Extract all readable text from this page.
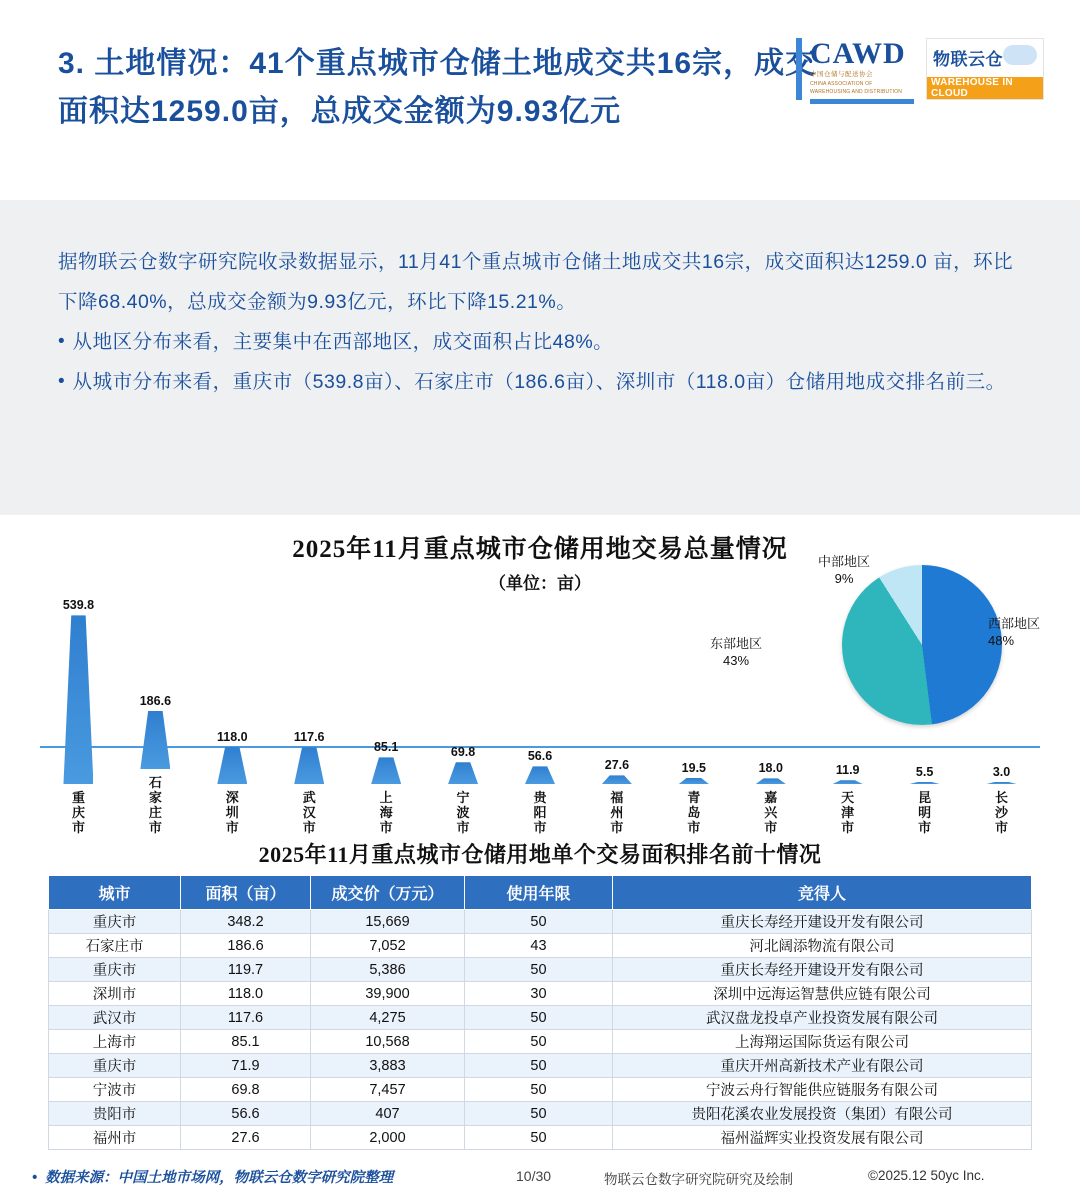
3. 土地情况：41个重点城市仓储土地成交共16宗，成交面积达1259.0亩，总成交金额为9.93亿元
CAWD
中国仓储与配送协会
CHINA ASSOCIATION OF WAREHOUSING AND DISTRIBUTION
物联云仓
WAREHOUSE IN CLOUD

据物联云仓数字研究院收录数据显示，11月41个重点城市仓储土地成交共16宗，成交面积达1259.0 亩，环比下降68.40%，总成交金额为9.93亿元，环比下降15.21%。

• 从地区分布来看，主要集中在西部地区，成交面积占比48%。

• 从城市分布来看，重庆市（539.8亩）、石家庄市（186.6亩）、深圳市（118.0亩）仓储用地成交排名前三。

2025年11月重点城市仓储用地交易总量情况
（单位：亩）
539.8
重
庆
市
186.6
石
家
庄
市
118.0
深
圳
市
117.6
武
汉
市
85.1
上
海
市
69.8
宁
波
市
56.6
贵
阳
市
27.6
福
州
市
19.5
青
岛
市
18.0
嘉
兴
市
11.9
天
津
市
5.5
昆
明
市
3.0
长
沙
市
西部地区
48%
东部地区
43%
中部地区
9%
2025年11月重点城市仓储用地单个交易面积排名前十情况
城市	面积（亩）	成交价（万元）	使用年限	竞得人
重庆市	348.2	15,669	50	重庆长寿经开建设开发有限公司
石家庄市	186.6	7,052	43	河北阔添物流有限公司
重庆市	119.7	5,386	50	重庆长寿经开建设开发有限公司
深圳市	118.0	39,900	30	深圳中远海运智慧供应链有限公司
武汉市	117.6	4,275	50	武汉盘龙投卓产业投资发展有限公司
上海市	85.1	10,568	50	上海翔运国际货运有限公司
重庆市	71.9	3,883	50	重庆开州高新技术产业有限公司
宁波市	69.8	7,457	50	宁波云舟行智能供应链服务有限公司
贵阳市	56.6	407	50	贵阳花溪农业发展投资（集团）有限公司
福州市	27.6	2,000	50	福州溢辉实业投资发展有限公司
• 数据来源：中国土地市场网，物联云仓数字研究院整理	10/30	物联云仓数字研究院研究及绘制	©2025.12 50yc Inc.
